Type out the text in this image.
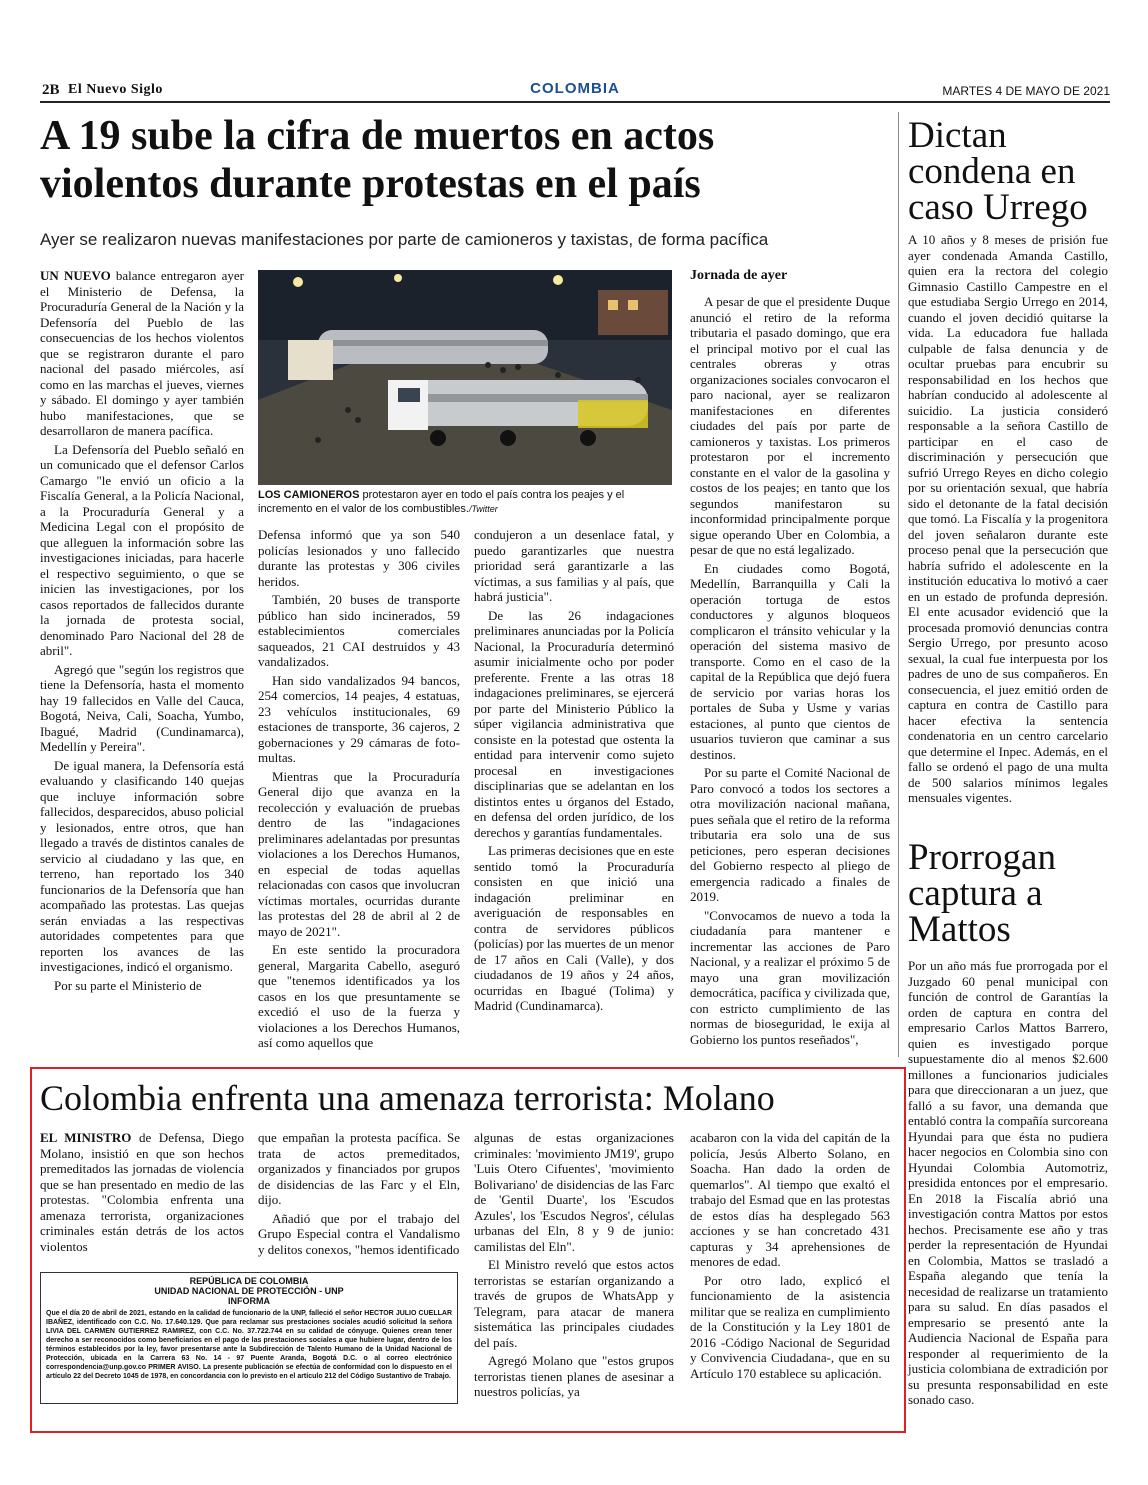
2B El Nuevo Siglo	COLOMBIA	MARTES 4 DE MAYO DE 2021
A 19 sube la cifra de muertos en actos violentos durante protestas en el país
Ayer se realizaron nuevas manifestaciones por parte de camioneros y taxistas, de forma pacífica

UN NUEVO balance entregaron ayer el Ministerio de Defensa, la Procuraduría General de la Nación y la Defensoría del Pueblo de las consecuencias de los hechos violentos que se registraron durante el paro nacional del pasado miércoles, así como en las marchas el jueves, viernes y sábado. El domingo y ayer también hubo manifestaciones, que se desarrollaron de manera pacífica.

La Defensoría del Pueblo señaló en un comunicado que el defensor Carlos Camargo "le envió un oficio a la Fiscalía General, a la Policía Nacional, a la Procuraduría General y a Medicina Legal con el propósito de que alleguen la información sobre las investigaciones iniciadas, para hacerle el respectivo seguimiento, o que se inicien las investigaciones, por los casos reportados de fallecidos durante la jornada de protesta social, denominado Paro Nacional del 28 de abril".

Agregó que "según los registros que tiene la Defensoría, hasta el momento hay 19 fallecidos en Valle del Cauca, Bogotá, Neiva, Cali, Soacha, Yumbo, Ibagué, Madrid (Cundinamarca), Medellín y Pereira".

De igual manera, la Defensoría está evaluando y clasificando 140 quejas que incluye información sobre fallecidos, desparecidos, abuso policial y lesionados, entre otros, que han llegado a través de distintos canales de servicio al ciudadano y las que, en terreno, han reportado los 340 funcionarios de la Defensoría que han acompañado las protestas. Las quejas serán enviadas a las respectivas autoridades competentes para que reporten los avances de las investigaciones, indicó el organismo.

Por su parte el Ministerio de

LOS CAMIONEROS protestaron ayer en todo el país contra los peajes y el incremento en el valor de los combustibles./Twitter

Defensa informó que ya son 540 policías lesionados y uno fallecido durante las protestas y 306 civiles heridos.

También, 20 buses de transporte público han sido incinerados, 59 establecimientos comerciales saqueados, 21 CAI destruidos y 43 vandalizados.

Han sido vandalizados 94 bancos, 254 comercios, 14 peajes, 4 estatuas, 23 vehículos institucionales, 69 estaciones de transporte, 36 cajeros, 2 gobernaciones y 29 cámaras de foto-multas.

Mientras que la Procuraduría General dijo que avanza en la recolección y evaluación de pruebas dentro de las "indagaciones preliminares adelantadas por presuntas violaciones a los Derechos Humanos, en especial de todas aquellas relacionadas con casos que involucran víctimas mortales, ocurridas durante las protestas del 28 de abril al 2 de mayo de 2021".

En este sentido la procuradora general, Margarita Cabello, aseguró que "tenemos identificados ya los casos en los que presuntamente se excedió el uso de la fuerza y violaciones a los Derechos Humanos, así como aquellos que

condujeron a un desenlace fatal, y puedo garantizarles que nuestra prioridad será garantizarle a las víctimas, a sus familias y al país, que habrá justicia".

De las 26 indagaciones preliminares anunciadas por la Policía Nacional, la Procuraduría determinó asumir inicialmente ocho por poder preferente. Frente a las otras 18 indagaciones preliminares, se ejercerá por parte del Ministerio Público la súper vigilancia administrativa que consiste en la potestad que ostenta la entidad para intervenir como sujeto procesal en investigaciones disciplinarias que se adelantan en los distintos entes u órganos del Estado, en defensa del orden jurídico, de los derechos y garantías fundamentales.

Las primeras decisiones que en este sentido tomó la Procuraduría consisten en que inició una indagación preliminar en averiguación de responsables en contra de servidores públicos (policías) por las muertes de un menor de 17 años en Cali (Valle), y dos ciudadanos de 19 años y 24 años, ocurridas en Ibagué (Tolima) y Madrid (Cundinamarca).

Jornada de ayer

A pesar de que el presidente Duque anunció el retiro de la reforma tributaria el pasado domingo, que era el principal motivo por el cual las centrales obreras y otras organizaciones sociales convocaron el paro nacional, ayer se realizaron manifestaciones en diferentes ciudades del país por parte de camioneros y taxistas. Los primeros protestaron por el incremento constante en el valor de la gasolina y costos de los peajes; en tanto que los segundos manifestaron su inconformidad principalmente porque sigue operando Uber en Colombia, a pesar de que no está legalizado.

En ciudades como Bogotá, Medellín, Barranquilla y Cali la operación tortuga de estos conductores y algunos bloqueos complicaron el tránsito vehicular y la operación del sistema masivo de transporte. Como en el caso de la capital de la República que dejó fuera de servicio por varias horas los portales de Suba y Usme y varias estaciones, al punto que cientos de usuarios tuvieron que caminar a sus destinos.

Por su parte el Comité Nacional de Paro convocó a todos los sectores a otra movilización nacional mañana, pues señala que el retiro de la reforma tributaria era solo una de sus peticiones, pero esperan decisiones del Gobierno respecto al pliego de emergencia radicado a finales de 2019.

"Convocamos de nuevo a toda la ciudadanía para mantener e incrementar las acciones de Paro Nacional, y a realizar el próximo 5 de mayo una gran movilización democrática, pacífica y civilizada que, con estricto cumplimiento de las normas de bioseguridad, le exija al Gobierno los puntos reseñados",

Dictan condena en caso Urrego

A 10 años y 8 meses de prisión fue ayer condenada Amanda Castillo, quien era la rectora del colegio Gimnasio Castillo Campestre en el que estudiaba Sergio Urrego en 2014, cuando el joven decidió quitarse la vida. La educadora fue hallada culpable de falsa denuncia y de ocultar pruebas para encubrir su responsabilidad en los hechos que habrían conducido al adolescente al suicidio. La justicia consideró responsable a la señora Castillo de participar en el caso de discriminación y persecución que sufrió Urrego Reyes en dicho colegio por su orientación sexual, que habría sido el detonante de la fatal decisión que tomó. La Fiscalía y la progenitora del joven señalaron durante este proceso penal que la persecución que habría sufrido el adolescente en la institución educativa lo motivó a caer en un estado de profunda depresión. El ente acusador evidenció que la procesada promovió denuncias contra Sergio Urrego, por presunto acoso sexual, la cual fue interpuesta por los padres de uno de sus compañeros. En consecuencia, el juez emitió orden de captura en contra de Castillo para hacer efectiva la sentencia condenatoria en un centro carcelario que determine el Inpec. Además, en el fallo se ordenó el pago de una multa de 500 salarios mínimos legales mensuales vigentes.

Prorrogan captura a Mattos

Por un año más fue prorrogada por el Juzgado 60 penal municipal con función de control de Garantías la orden de captura en contra del empresario Carlos Mattos Barrero, quien es investigado porque supuestamente dio al menos $2.600 millones a funcionarios judiciales para que direccionaran a un juez, que falló a su favor, una demanda que entabló contra la compañía surcoreana Hyundai para que ésta no pudiera hacer negocios en Colombia sino con Hyundai Colombia Automotriz, presidida entonces por el empresario. En 2018 la Fiscalía abrió una investigación contra Mattos por estos hechos. Precisamente ese año y tras perder la representación de Hyundai en Colombia, Mattos se trasladó a España alegando que tenía la necesidad de realizarse un tratamiento para su salud. En días pasados el empresario se presentó ante la Audiencia Nacional de España para responder al requerimiento de la justicia colombiana de extradición por su presunta responsabilidad en este sonado caso.

Colombia enfrenta una amenaza terrorista: Molano

EL MINISTRO de Defensa, Diego Molano, insistió en que son hechos premeditados las jornadas de violencia que se han presentado en medio de las protestas. "Colombia enfrenta una amenaza terrorista, organizaciones criminales están detrás de los actos violentos

que empañan la protesta pacífica. Se trata de actos premeditados, organizados y financiados por grupos de disidencias de las Farc y el Eln, dijo.

Añadió que por el trabajo del Grupo Especial contra el Vandalismo y delitos conexos, "hemos identificado

algunas de estas organizaciones criminales: 'movimiento JM19', grupo 'Luis Otero Cifuentes', 'movimiento Bolivariano' de disidencias de las Farc de 'Gentil Duarte', los 'Escudos Azules', los 'Escudos Negros', células urbanas del Eln, 8 y 9 de junio: camilistas del Eln".

El Ministro reveló que estos actos terroristas se estarían organizando a través de grupos de WhatsApp y Telegram, para atacar de manera sistemática las principales ciudades del país.

Agregó Molano que "estos grupos terroristas tienen planes de asesinar a nuestros policías, ya

acabaron con la vida del capitán de la policía, Jesús Alberto Solano, en Soacha. Han dado la orden de quemarlos". Al tiempo que exaltó el trabajo del Esmad que en las protestas de estos días ha desplegado 563 acciones y se han concretado 431 capturas y 34 aprehensiones de menores de edad.

Por otro lado, explicó el funcionamiento de la asistencia militar que se realiza en cumplimiento de la Constitución y la Ley 1801 de 2016 -Código Nacional de Seguridad y Convivencia Ciudadana-, que en su Artículo 170 establece su aplicación.

REPÚBLICA DE COLOMBIA
UNIDAD NACIONAL DE PROTECCIÓN - UNP
INFORMA
Que el día 20 de abril de 2021, estando en la calidad de funcionario de la UNP, falleció el señor HECTOR JULIO CUELLAR IBAÑEZ, identificado con C.C. No. 17.640.129. Que para reclamar sus prestaciones sociales acudió solicitud la señora LIVIA DEL CARMEN GUTIERREZ RAMIREZ, con C.C. No. 37.722.744 en su calidad de cónyuge. Quienes crean tener derecho a ser reconocidos como beneficiarios en el pago de las prestaciones sociales a que hubiere lugar, dentro de los términos establecidos por la ley, favor presentarse ante la Subdirección de Talento Humano de la Unidad Nacional de Protección, ubicada en la Carrera 63 No. 14 - 97 Puente Aranda, Bogotá D.C. o al correo electrónico correspondencia@unp.gov.co PRIMER AVISO. La presente publicación se efectúa de conformidad con lo dispuesto en el artículo 22 del Decreto 1045 de 1978, en concordancia con lo previsto en el artículo 212 del Código Sustantivo de Trabajo.
